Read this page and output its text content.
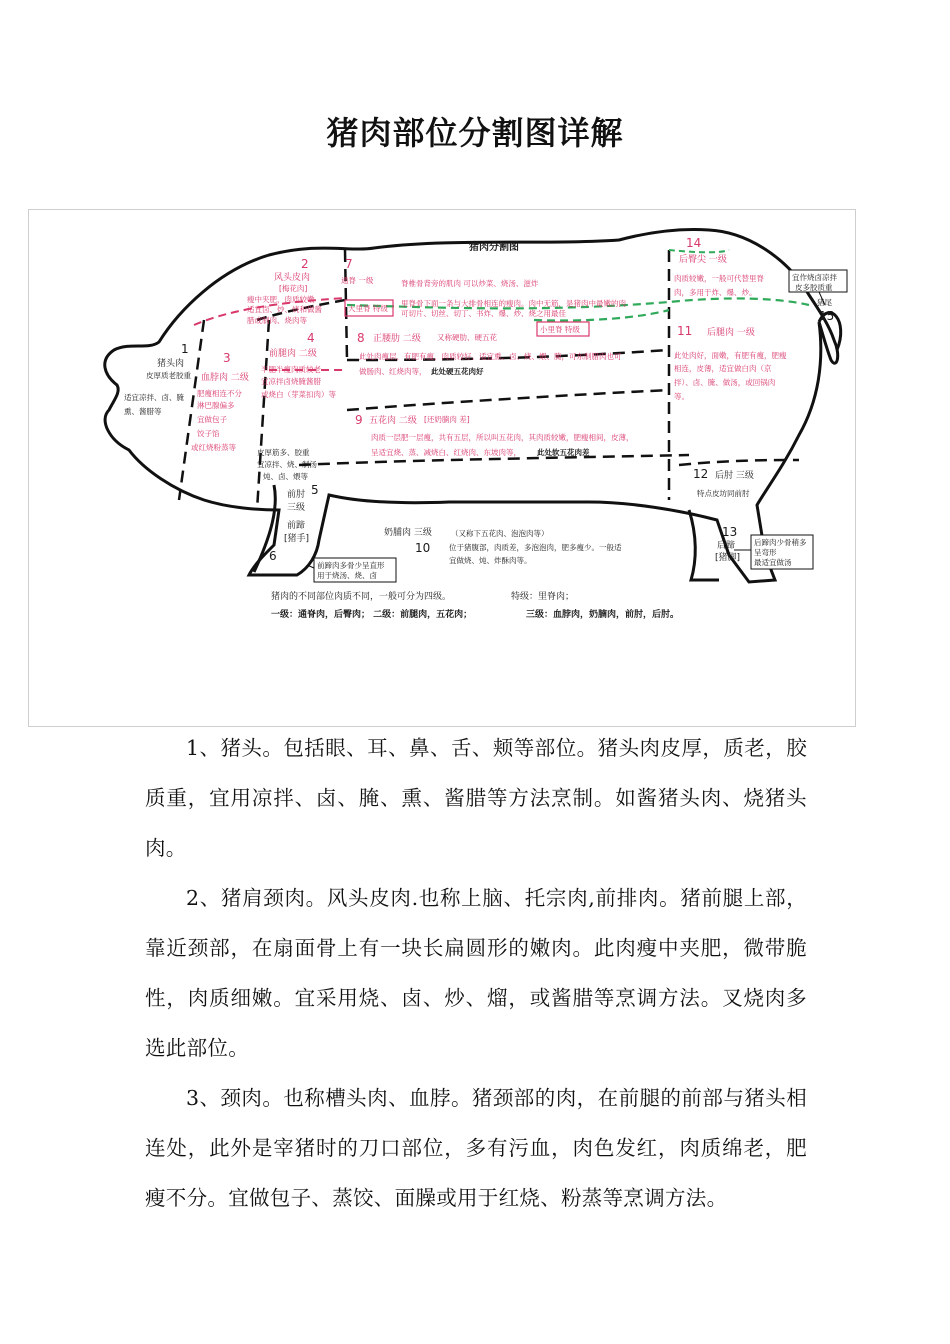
猪肉部位分割图详解
猪肉分割图
1
猪头肉
皮厚质老胶重
适宜凉拌、卤、腌
熏、酱腊等
2
风头皮肉
[梅花肉]
瘦中夹肥，肉质较嫩
适宜卤、炒、烧和做酱
腊或制肉、烧肉等
3
血脖肉 二级
肥瘦相连不分
淋巴腺偏多
宜做包子
饺子馅
或红烧粉蒸等
4
前腿肉 二级
半肥半瘦肉质较老
宜凉拌卤烧腌酱腊
或烧白（芽菜扣肉）等
皮厚筋多、胶重
宜凉拌、烧、制汤
炖、卤、煨等
前肘 5
三级
前蹄
[猪手]
6
前蹄肉多骨少呈直形
用于烧汤、烧、卤
7
通脊 一级	脊椎骨背旁的肌肉 可以炒菜、烧汤、滋炸
大里脊 特级
里脊骨下面一条与大排骨相连的瘦肉。肉中无筋，是猪肉中最嫩的肉
可切片、切丝、切丁、书炸、爆、炒、烧之用最佳
8 正腰肋 二级 又称硬肋、硬五花
此处肉瘦层，有肥有瘦，肉质较好。适宜熏、卤、烧、煨、腌，可东制腊肉也可
做肠肉、红烧肉等， 此处硬五花肉好
小里脊 特级
9 五花肉 二级 [还奶腩肉 差]
肉质一层肥一层瘦，共有五层，所以叫五花肉，其肉质较嫩，肥瘦相间，皮薄，
呈适宜烧、蒸、减烧白、红烧肉、东坡肉等， 此处软五花肉差
奶脯肉 三级	（又称下五花肉、泡泡肉等）
10 位于猪腹部，肉质差，多泡泡肉，肥多瘦少。一般适
宜做烧、炖、炸酥肉等。
11 后腿肉 一级
此处肉好，面嫩，有肥有瘦，肥瘦
相连，皮薄，适宜做白肉（京
拌）、卤、腌、做汤，或回锅肉
等。
12 后肘 三级
特点皮坊同前肘
13
后蹄
[猪脚]
后蹄肉少骨稍多
呈弯形
最适宜做汤
14
后臀尖 一级
肉质较嫩，一般可代替里脊
肉，多用于炸、爆、炒。
宜作烧卤凉拌
皮多胶质重
猪尾
15
猪肉的不同部位肉质不同，一般可分为四级。	特级：里脊肉；
一级：通脊肉，后臀肉； 二级：前腿肉，五花肉；	三级：血脖肉，奶腩肉，前肘，后肘。

1、猪头。包括眼、耳、鼻、舌、颊等部位。猪头肉皮厚，质老，胶质重，宜用凉拌、卤、腌、熏、酱腊等方法烹制。如酱猪头肉、烧猪头肉。

2、猪肩颈肉。风头皮肉.也称上脑、托宗肉,前排肉。猪前腿上部，靠近颈部，在扇面骨上有一块长扁圆形的嫩肉。此肉瘦中夹肥，微带脆性，肉质细嫩。宜采用烧、卤、炒、熘，或酱腊等烹调方法。叉烧肉多选此部位。

3、颈肉。也称槽头肉、血脖。猪颈部的肉，在前腿的前部与猪头相连处，此外是宰猪时的刀口部位，多有污血，肉色发红，肉质绵老，肥瘦不分。宜做包子、蒸饺、面臊或用于红烧、粉蒸等烹调方法。
